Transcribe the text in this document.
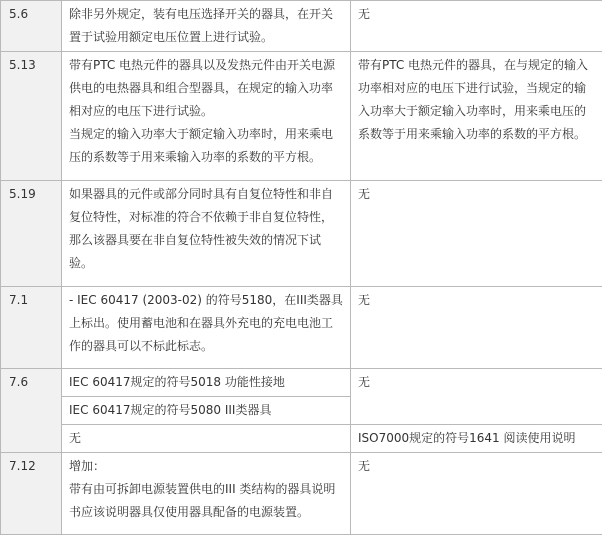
5.6	除非另外规定，装有电压选择开关的器具，在开关
置于试验用额定电压位置上进行试验。	无

5.13	带有PTC 电热元件的器具以及发热元件由开关电源
供电的电热器具和组合型器具，在规定的输入功率
相对应的电压下进行试验。
当规定的输入功率大于额定输入功率时，用来乘电
压的系数等于用来乘输入功率的系数的平方根。	带有PTC 电热元件的器具，在与规定的输入
功率相对应的电压下进行试验，当规定的输
入功率大于额定输入功率时，用来乘电压的
系数等于用来乘输入功率的系数的平方根。

5.19	如果器具的元件或部分同时具有自复位特性和非自
复位特性，对标准的符合不依赖于非自复位特性，
那么该器具要在非自复位特性被失效的情况下试
验。	无

7.1	- IEC 60417 (2003-02) 的符号5180，在III类器具
上标出。使用蓄电池和在器具外充电的充电电池工
作的器具可以不标此标志。	无

7.6	IEC 60417规定的符号5018 功能性接地	无

	IEC 60417规定的符号5080 III类器具	

	无	ISO7000规定的符号1641 阅读使用说明

7.12	增加：
带有由可拆卸电源装置供电的III 类结构的器具说明
书应该说明器具仅使用器具配备的电源装置。	无
